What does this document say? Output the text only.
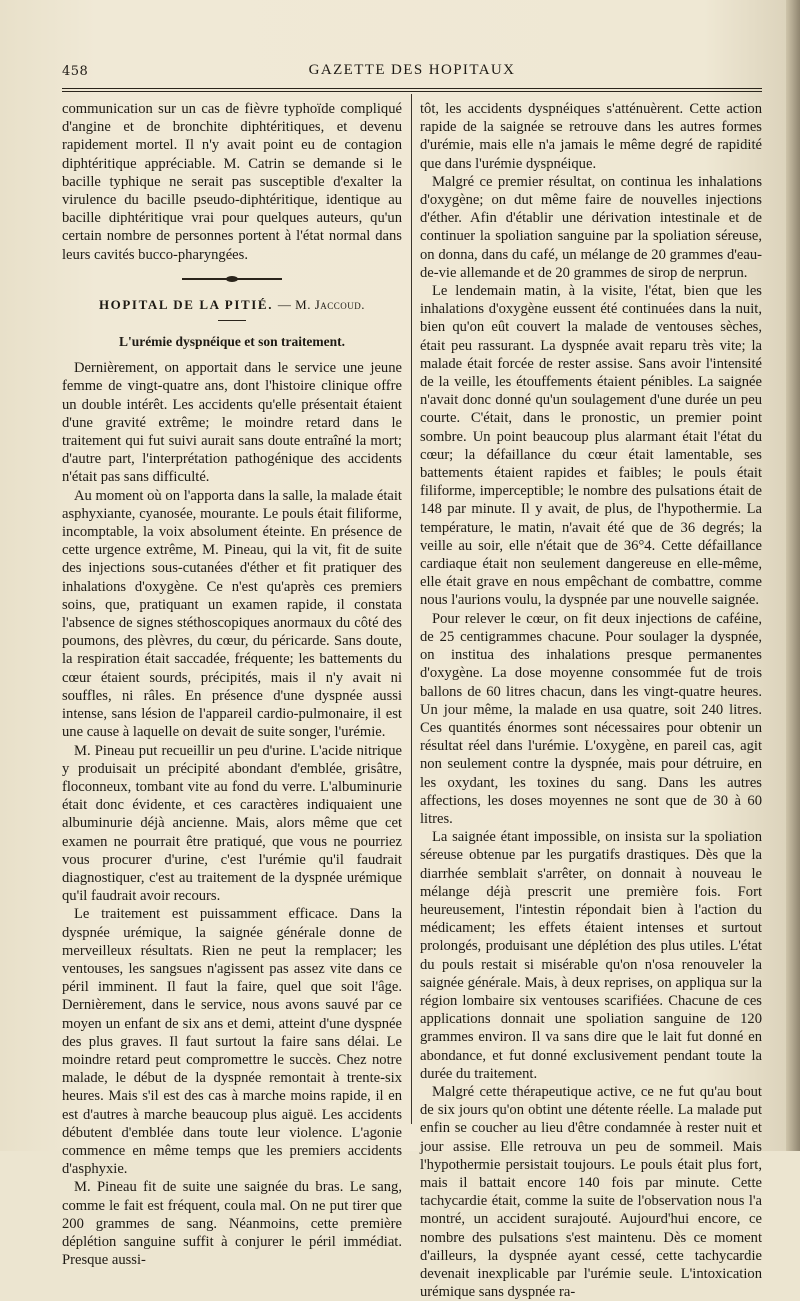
458	GAZETTE DES HOPITAUX

communication sur un cas de fièvre typhoïde compliqué d'angine et de bronchite diphtéritiques, et devenu rapidement mortel. Il n'y avait point eu de contagion diphtéritique appréciable. M. Catrin se demande si le bacille typhique ne serait pas susceptible d'exalter la virulence du bacille pseudo-diphtéritique, identique au bacille diphtéritique vrai pour quelques auteurs, qu'un certain nombre de personnes portent à l'état normal dans leurs cavités bucco-pharyngées.

HOPITAL DE LA PITIÉ. — M. Jaccoud.
L'urémie dyspnéique et son traitement.

Dernièrement, on apportait dans le service une jeune femme de vingt-quatre ans, dont l'histoire clinique offre un double intérêt. Les accidents qu'elle présentait étaient d'une gravité extrême; le moindre retard dans le traitement qui fut suivi aurait sans doute entraîné la mort; d'autre part, l'interprétation pathogénique des accidents n'était pas sans difficulté.

Au moment où on l'apporta dans la salle, la malade était asphyxiante, cyanosée, mourante. Le pouls était filiforme, incomptable, la voix absolument éteinte. En présence de cette urgence extrême, M. Pineau, qui la vit, fit de suite des injections sous-cutanées d'éther et fit pratiquer des inhalations d'oxygène. Ce n'est qu'après ces premiers soins, que, pratiquant un examen rapide, il constata l'absence de signes stéthoscopiques anormaux du côté des poumons, des plèvres, du cœur, du péricarde. Sans doute, la respiration était saccadée, fréquente; les battements du cœur étaient sourds, précipités, mais il n'y avait ni souffles, ni râles. En présence d'une dyspnée aussi intense, sans lésion de l'appareil cardio-pulmonaire, il est une cause à laquelle on devait de suite songer, l'urémie.

M. Pineau put recueillir un peu d'urine. L'acide nitrique y produisait un précipité abondant d'emblée, grisâtre, floconneux, tombant vite au fond du verre. L'albuminurie était donc évidente, et ces caractères indiquaient une albuminurie déjà ancienne. Mais, alors même que cet examen ne pourrait être pratiqué, que vous ne pourriez vous procurer d'urine, c'est l'urémie qu'il faudrait diagnostiquer, c'est au traitement de la dyspnée urémique qu'il faudrait avoir recours.

Le traitement est puissamment efficace. Dans la dyspnée urémique, la saignée générale donne de merveilleux résultats. Rien ne peut la remplacer; les ventouses, les sangsues n'agissent pas assez vite dans ce péril imminent. Il faut la faire, quel que soit l'âge. Dernièrement, dans le service, nous avons sauvé par ce moyen un enfant de six ans et demi, atteint d'une dyspnée des plus graves. Il faut surtout la faire sans délai. Le moindre retard peut compromettre le succès. Chez notre malade, le début de la dyspnée remontait à trente-six heures. Mais s'il est des cas à marche moins rapide, il en est d'autres à marche beaucoup plus aiguë. Les accidents débutent d'emblée dans toute leur violence. L'agonie commence en même temps que les premiers accidents d'asphyxie.

M. Pineau fit de suite une saignée du bras. Le sang, comme le fait est fréquent, coula mal. On ne put tirer que 200 grammes de sang. Néanmoins, cette première déplétion sanguine suffit à conjurer le péril immédiat. Presque aussi-

tôt, les accidents dyspnéiques s'atténuèrent. Cette action rapide de la saignée se retrouve dans les autres formes d'urémie, mais elle n'a jamais le même degré de rapidité que dans l'urémie dyspnéique.

Malgré ce premier résultat, on continua les inhalations d'oxygène; on dut même faire de nouvelles injections d'éther. Afin d'établir une dérivation intestinale et de continuer la spoliation sanguine par la spoliation séreuse, on donna, dans du café, un mélange de 20 grammes d'eau-de-vie allemande et de 20 grammes de sirop de nerprun.

Le lendemain matin, à la visite, l'état, bien que les inhalations d'oxygène eussent été continuées dans la nuit, bien qu'on eût couvert la malade de ventouses sèches, était peu rassurant. La dyspnée avait reparu très vite; la malade était forcée de rester assise. Sans avoir l'intensité de la veille, les étouffements étaient pénibles. La saignée n'avait donc donné qu'un soulagement d'une durée un peu courte. C'était, dans le pronostic, un premier point sombre. Un point beaucoup plus alarmant était l'état du cœur; la défaillance du cœur était lamentable, ses battements étaient rapides et faibles; le pouls était filiforme, imperceptible; le nombre des pulsations était de 148 par minute. Il y avait, de plus, de l'hypothermie. La température, le matin, n'avait été que de 36 degrés; la veille au soir, elle n'était que de 36°4. Cette défaillance cardiaque était non seulement dangereuse en elle-même, elle était grave en nous empêchant de combattre, comme nous l'aurions voulu, la dyspnée par une nouvelle saignée.

Pour relever le cœur, on fit deux injections de caféine, de 25 centigrammes chacune. Pour soulager la dyspnée, on institua des inhalations presque permanentes d'oxygène. La dose moyenne consommée fut de trois ballons de 60 litres chacun, dans les vingt-quatre heures. Un jour même, la malade en usa quatre, soit 240 litres. Ces quantités énormes sont nécessaires pour obtenir un résultat réel dans l'urémie. L'oxygène, en pareil cas, agit non seulement contre la dyspnée, mais pour détruire, en les oxydant, les toxines du sang. Dans les autres affections, les doses moyennes ne sont que de 30 à 60 litres.

La saignée étant impossible, on insista sur la spoliation séreuse obtenue par les purgatifs drastiques. Dès que la diarrhée semblait s'arrêter, on donnait à nouveau le mélange déjà prescrit une première fois. Fort heureusement, l'intestin répondait bien à l'action du médicament; les effets étaient intenses et surtout prolongés, produisant une déplétion des plus utiles. L'état du pouls restait si misérable qu'on n'osa renouveler la saignée générale. Mais, à deux reprises, on appliqua sur la région lombaire six ventouses scarifiées. Chacune de ces applications donnait une spoliation sanguine de 120 grammes environ. Il va sans dire que le lait fut donné en abondance, et fut donné exclusivement pendant toute la durée du traitement.

Malgré cette thérapeutique active, ce ne fut qu'au bout de six jours qu'on obtint une détente réelle. La malade put enfin se coucher au lieu d'être condamnée à rester nuit et jour assise. Elle retrouva un peu de sommeil. Mais l'hypothermie persistait toujours. Le pouls était plus fort, mais il battait encore 140 fois par minute. Cette tachycardie était, comme la suite de l'observation nous l'a montré, un accident surajouté. Aujourd'hui encore, ce nombre des pulsations s'est maintenu. Dès ce moment d'ailleurs, la dyspnée ayant cessé, cette tachycardie devenait inexplicable par l'urémie seule. L'intoxication urémique sans dyspnée ra-
